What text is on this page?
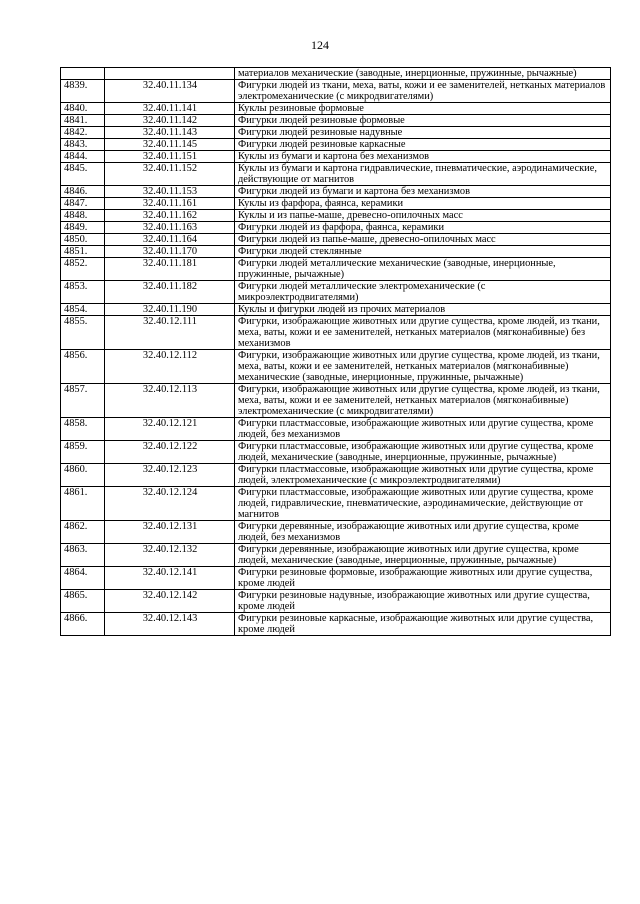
124
		материалов механические (заводные, инерционные, пружинные, рычажные)
4839.	32.40.11.134	Фигурки людей из ткани, меха, ваты, кожи и ее заменителей, нетканых материалов электромеханические (с микродвигателями)
4840.	32.40.11.141	Куклы резиновые формовые
4841.	32.40.11.142	Фигурки людей резиновые формовые
4842.	32.40.11.143	Фигурки людей резиновые надувные
4843.	32.40.11.145	Фигурки людей резиновые каркасные
4844.	32.40.11.151	Куклы из бумаги и картона без механизмов
4845.	32.40.11.152	Куклы из бумаги и картона гидравлические, пневматические, аэродинамические, действующие от магнитов
4846.	32.40.11.153	Фигурки людей из бумаги и картона без механизмов
4847.	32.40.11.161	Куклы из фарфора, фаянса, керамики
4848.	32.40.11.162	Куклы и из папье-маше, древесно-опилочных масс
4849.	32.40.11.163	Фигурки людей из фарфора, фаянса, керамики
4850.	32.40.11.164	Фигурки людей из папье-маше, древесно-опилочных масс
4851.	32.40.11.170	Фигурки людей стеклянные
4852.	32.40.11.181	Фигурки людей металлические механические (заводные, инерционные, пружинные, рычажные)
4853.	32.40.11.182	Фигурки людей металлические электромеханические (с микроэлектродвигателями)
4854.	32.40.11.190	Куклы и фигурки людей из прочих материалов
4855.	32.40.12.111	Фигурки, изображающие животных или другие существа, кроме людей, из ткани, меха, ваты, кожи и ее заменителей, нетканых материалов (мягконабивные) без механизмов
4856.	32.40.12.112	Фигурки, изображающие животных или другие существа, кроме людей, из ткани, меха, ваты, кожи и ее заменителей, нетканых материалов (мягконабивные) механические (заводные, инерционные, пружинные, рычажные)
4857.	32.40.12.113	Фигурки, изображающие животных или другие существа, кроме людей, из ткани, меха, ваты, кожи и ее заменителей, нетканых материалов (мягконабивные) электромеханические (с микродвигателями)
4858.	32.40.12.121	Фигурки пластмассовые, изображающие животных или другие существа, кроме людей, без механизмов
4859.	32.40.12.122	Фигурки пластмассовые, изображающие животных или другие существа, кроме людей, механические (заводные, инерционные, пружинные, рычажные)
4860.	32.40.12.123	Фигурки пластмассовые, изображающие животных или другие существа, кроме людей, электромеханические (с микроэлектродвигателями)
4861.	32.40.12.124	Фигурки пластмассовые, изображающие животных или другие существа, кроме людей, гидравлические, пневматические, аэродинамические, действующие от магнитов
4862.	32.40.12.131	Фигурки деревянные, изображающие животных или другие существа, кроме людей, без механизмов
4863.	32.40.12.132	Фигурки деревянные, изображающие животных или другие существа, кроме людей, механические (заводные, инерционные, пружинные, рычажные)
4864.	32.40.12.141	Фигурки резиновые формовые, изображающие животных или другие существа, кроме людей
4865.	32.40.12.142	Фигурки резиновые надувные, изображающие животных или другие существа, кроме людей
4866.	32.40.12.143	Фигурки резиновые каркасные, изображающие животных или другие существа, кроме людей
